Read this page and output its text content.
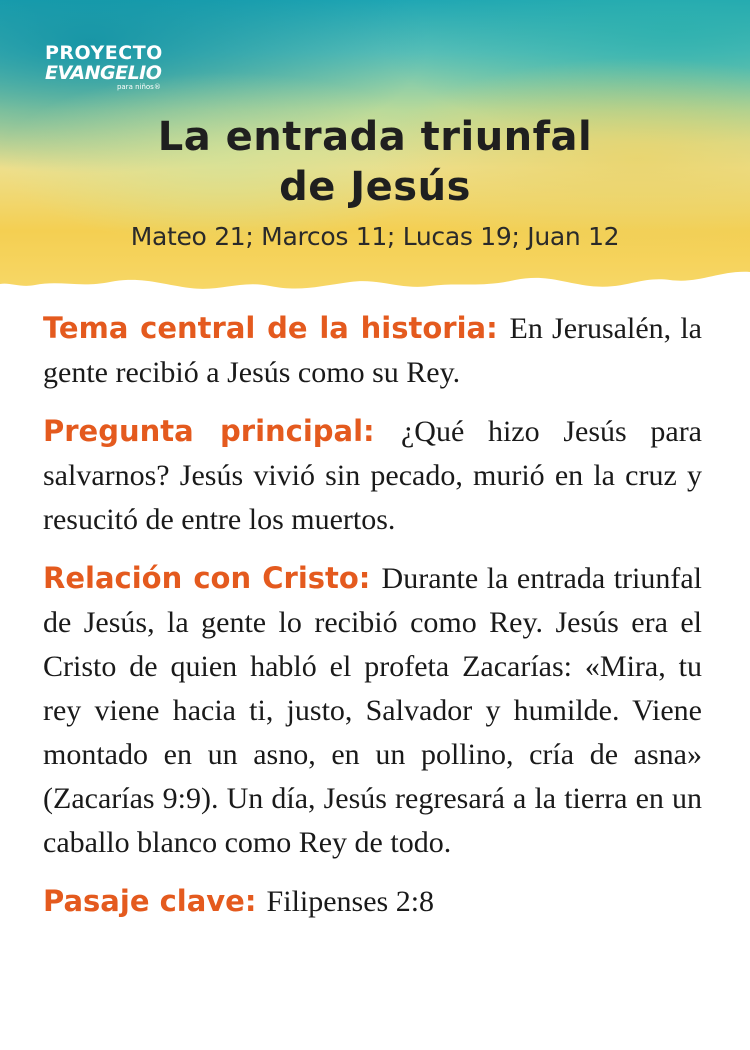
PROYECTO
EVANGELIO
para niños®
La entrada triunfal
de Jesús
Mateo 21; Marcos 11; Lucas 19; Juan 12

Tema central de la historia: En Jerusalén, la gente recibió a Jesús como su Rey.

Pregunta principal: ¿Qué hizo Jesús para salvarnos? Jesús vivió sin pecado, murió en la cruz y resucitó de entre los muertos.

Relación con Cristo: Durante la entrada triunfal de Jesús, la gente lo recibió como Rey. Jesús era el Cristo de quien habló el profeta Zacarías: «Mira, tu rey viene hacia ti, justo, Salvador y humilde. Viene montado en un asno, en un pollino, cría de asna» (Zacarías 9:9). Un día, Jesús regresará a la tierra en un caballo blanco como Rey de todo.

Pasaje clave: Filipenses 2:8
